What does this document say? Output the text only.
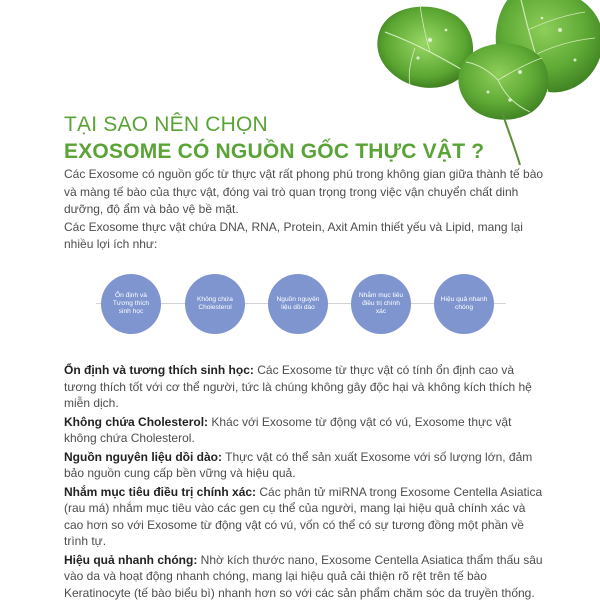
TẠI SAO NÊN CHỌN
EXOSOME CÓ NGUỒN GỐC THỰC VẬT ?

Các Exosome có nguồn gốc từ thực vật rất phong phú trong không gian giữa thành tế bào và màng tế bào của thực vật, đóng vai trò quan trọng trong việc vận chuyển chất dinh dưỡng, độ ẩm và bảo vệ bề mặt.

Các Exosome thực vật chứa DNA, RNA, Protein, Axit Amin thiết yếu và Lipid, mang lại nhiều lợi ích như:

Ổn định và Tương thích sinh học
Không chứa Cholesterol
Nguồn nguyên liệu dồi dào
Nhắm mục tiêu điều trị chính xác
Hiệu quả nhanh chóng

Ổn định và tương thích sinh học: Các Exosome từ thực vật có tính ổn định cao và tương thích tốt với cơ thể người, tức là chúng không gây độc hại và không kích thích hệ miễn dịch.

Không chứa Cholesterol: Khác với Exosome từ động vật có vú, Exosome thực vật không chứa Cholesterol.

Nguồn nguyên liệu dồi dào: Thực vật có thể sản xuất Exosome với số lượng lớn, đảm bảo nguồn cung cấp bền vững và hiệu quả.

Nhắm mục tiêu điều trị chính xác: Các phân tử miRNA trong Exosome Centella Asiatica (rau má) nhắm mục tiêu vào các gen cụ thể của người, mang lại hiệu quả chính xác và cao hơn so với Exosome từ động vật có vú, vốn có thể có sự tương đồng một phần về trình tự.

Hiệu quả nhanh chóng: Nhờ kích thước nano, Exosome Centella Asiatica thẩm thấu sâu vào da và hoạt động nhanh chóng, mang lại hiệu quả cải thiện rõ rệt trên tế bào Keratinocyte (tế bào biểu bì) nhanh hơn so với các sản phẩm chăm sóc da truyền thống.
